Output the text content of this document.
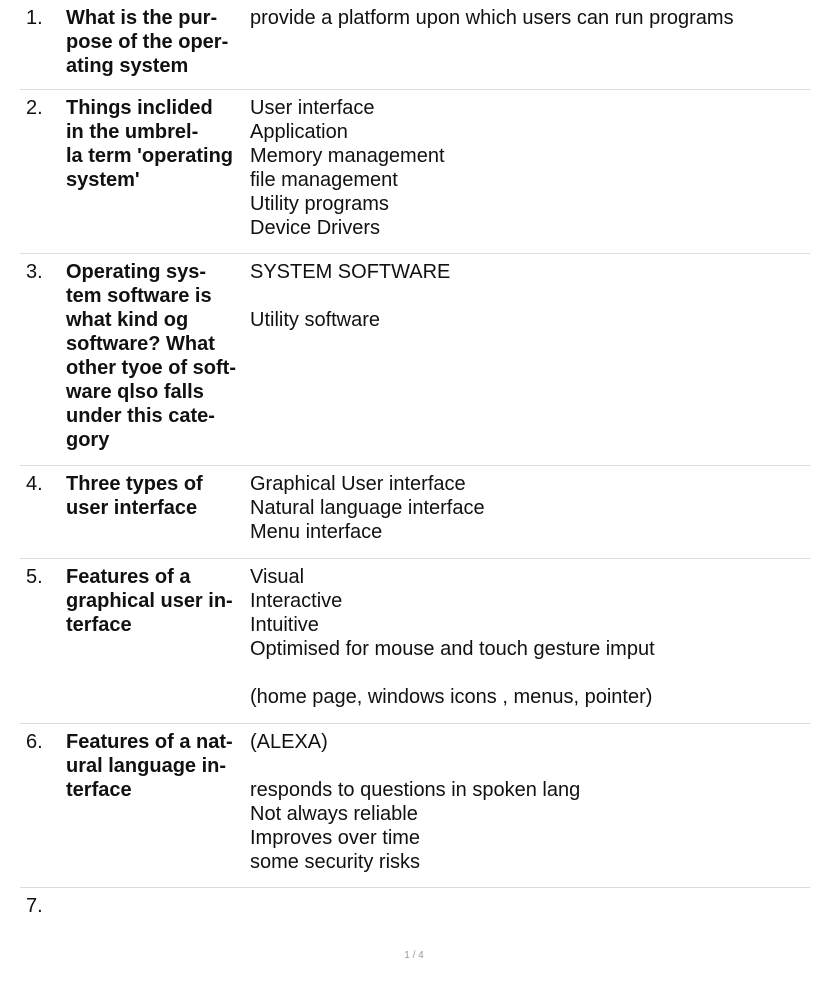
1. What is the pur-
pose of the oper-
ating system
provide a platform upon which users can run programs
2. Things inclided
in the umbrel-
la term 'operating
system'
User interface
Application
Memory management
file management
Utility programs
Device Drivers
3. Operating sys-
tem software is
what kind og
software? What
other tyoe of soft-
ware qlso falls
under this cate-
gory
SYSTEM SOFTWARE

Utility software
4. Three types of
user interface
Graphical User interface
Natural language interface
Menu interface
5. Features of a
graphical user in-
terface
Visual
Interactive
Intuitive
Optimised for mouse and touch gesture imput

(home page, windows icons , menus, pointer)
6. Features of a nat-
ural language in-
terface
(ALEXA)

responds to questions in spoken lang
Not always reliable
Improves over time
some security risks
7.
1 / 4
